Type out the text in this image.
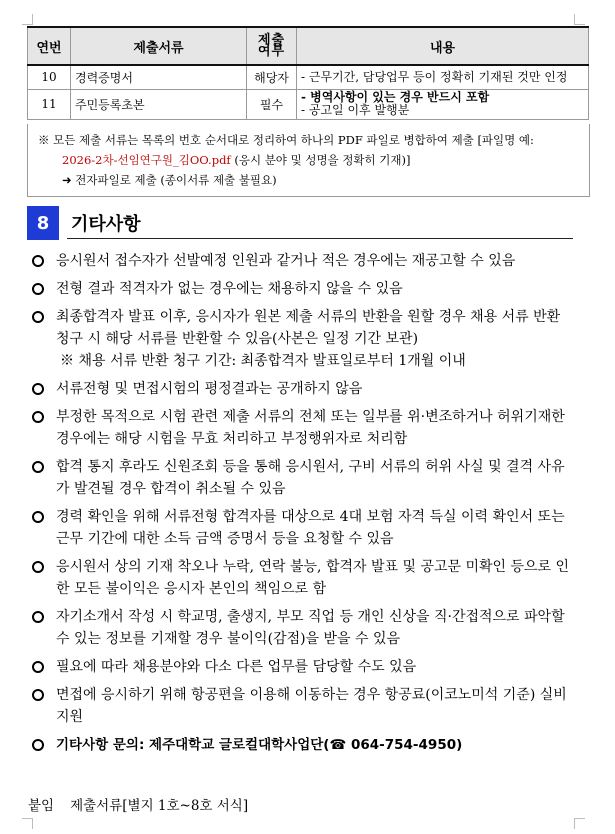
연번	제출서류	제출 여부	내용
10	경력증명서	해당자	- 근무기간, 담당업무 등이 정확히 기재된 것만 인정
11	주민등록초본	필수	- 병역사항이 있는 경우 반드시 포함
- 공고일 이후 발행분
※ 모든 제출 서류는 목록의 번호 순서대로 정리하여 하나의 PDF 파일로 병합하여 제출 [파일명 예:
2026-2차-선임연구원_김OO.pdf (응시 분야 및 성명을 정확히 기재)]
➜ 전자파일로 제출 (종이서류 제출 불필요)
8	기타사항
응시원서 접수자가 선발예정 인원과 같거나 적은 경우에는 재공고할 수 있음
전형 결과 적격자가 없는 경우에는 채용하지 않을 수 있음
최종합격자 발표 이후, 응시자가 원본 제출 서류의 반환을 원할 경우 채용 서류 반환 청구 시 해당 서류를 반환할 수 있음(사본은 일정 기간 보관)
※ 채용 서류 반환 청구 기간: 최종합격자 발표일로부터 1개월 이내
서류전형 및 면접시험의 평정결과는 공개하지 않음
부정한 목적으로 시험 관련 제출 서류의 전체 또는 일부를 위·변조하거나 허위기재한 경우에는 해당 시험을 무효 처리하고 부정행위자로 처리함
합격 통지 후라도 신원조회 등을 통해 응시원서, 구비 서류의 허위 사실 및 결격 사유가 발견될 경우 합격이 취소될 수 있음
경력 확인을 위해 서류전형 합격자를 대상으로 4대 보험 자격 득실 이력 확인서 또는 근무 기간에 대한 소득 금액 증명서 등을 요청할 수 있음
응시원서 상의 기재 착오나 누락, 연락 불능, 합격자 발표 및 공고문 미확인 등으로 인한 모든 불이익은 응시자 본인의 책임으로 함
자기소개서 작성 시 학교명, 출생지, 부모 직업 등 개인 신상을 직·간접적으로 파악할 수 있는 정보를 기재할 경우 불이익(감점)을 받을 수 있음
필요에 따라 채용분야와 다소 다른 업무를 담당할 수도 있음
면접에 응시하기 위해 항공편을 이용해 이동하는 경우 항공료(이코노미석 기준) 실비 지원
기타사항 문의: 제주대학교 글로컬대학사업단(☎ 064-754-4950)
붙임 제출서류[별지 1호~8호 서식]
